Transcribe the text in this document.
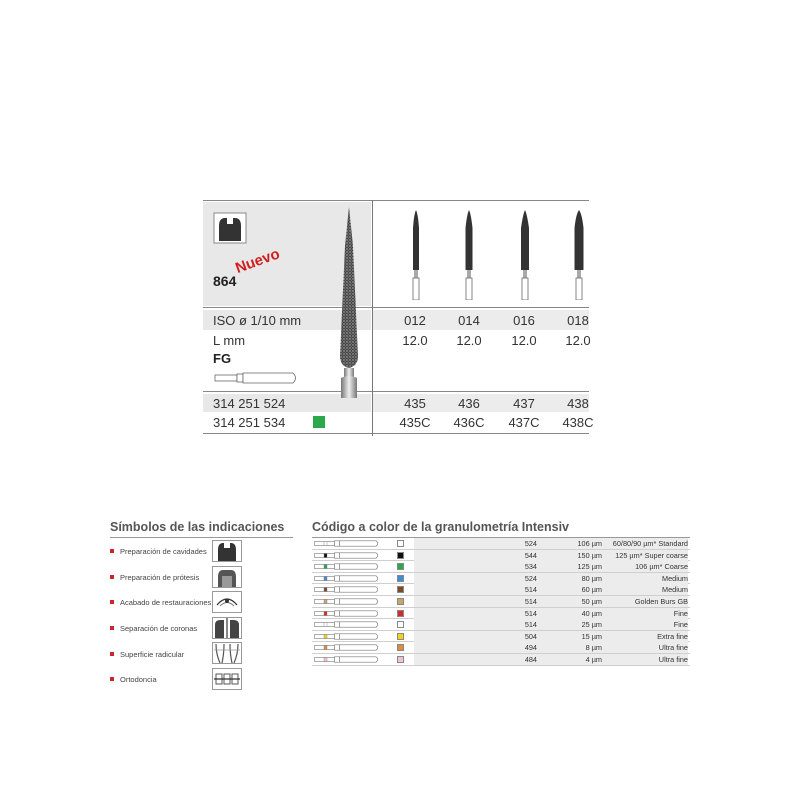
864
Nuevo
ISO ø 1/10 mm	012	014	016	018
L mm	12.0	12.0	12.0	12.0
FG
314 251 524	435	436	437	438
314 251 534	435C	436C	437C	438C
Símbolos de las indicaciones
Preparación de cavidades
Preparación de prótesis
Acabado de restauraciones
Separación de coronas
Superficie radicular
Ortodoncia
Código a color de la granulometría Intensiv
524	106 µm	60/80/90 µm* Standard
544	150 µm	125 µm* Super coarse
534	125 µm	106 µm* Coarse
524	80 µm	Medium
514	60 µm	Medium
514	50 µm	Golden Burs GB
514	40 µm	Fine
514	25 µm	Fine
504	15 µm	Extra fine
494	8 µm	Ultra fine
484	4 µm	Ultra fine
